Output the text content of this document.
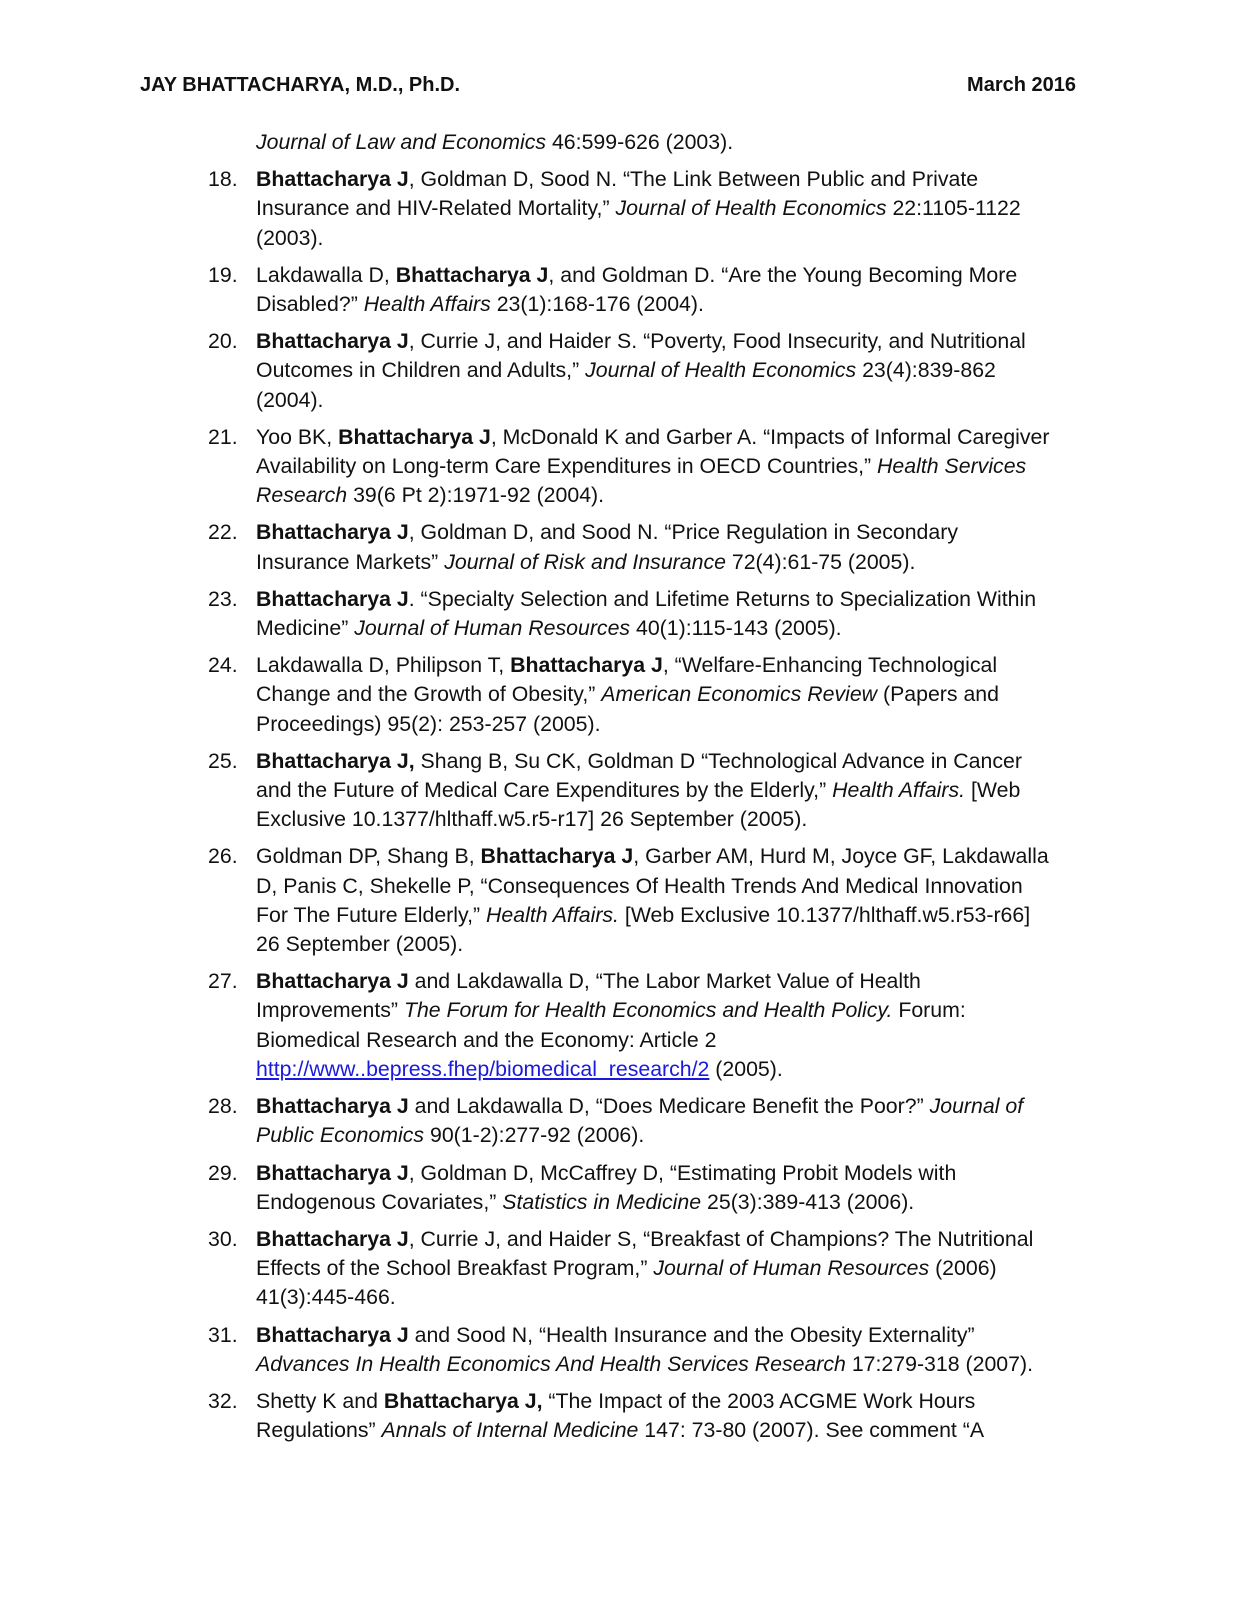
JAY BHATTACHARYA, M.D., Ph.D.	March 2016
Journal of Law and Economics 46:599-626 (2003).
18. Bhattacharya J, Goldman D, Sood N. “The Link Between Public and Private Insurance and HIV-Related Mortality,” Journal of Health Economics 22:1105-1122 (2003).
19. Lakdawalla D, Bhattacharya J, and Goldman D. “Are the Young Becoming More Disabled?” Health Affairs 23(1):168-176 (2004).
20. Bhattacharya J, Currie J, and Haider S. “Poverty, Food Insecurity, and Nutritional Outcomes in Children and Adults,” Journal of Health Economics 23(4):839-862 (2004).
21. Yoo BK, Bhattacharya J, McDonald K and Garber A. “Impacts of Informal Caregiver Availability on Long-term Care Expenditures in OECD Countries,” Health Services Research 39(6 Pt 2):1971-92 (2004).
22. Bhattacharya J, Goldman D, and Sood N. “Price Regulation in Secondary Insurance Markets” Journal of Risk and Insurance 72(4):61-75 (2005).
23. Bhattacharya J. “Specialty Selection and Lifetime Returns to Specialization Within Medicine” Journal of Human Resources 40(1):115-143 (2005).
24. Lakdawalla D, Philipson T, Bhattacharya J, “Welfare-Enhancing Technological Change and the Growth of Obesity,” American Economics Review (Papers and Proceedings) 95(2): 253-257 (2005).
25. Bhattacharya J, Shang B, Su CK, Goldman D “Technological Advance in Cancer and the Future of Medical Care Expenditures by the Elderly,” Health Affairs. [Web Exclusive 10.1377/hlthaff.w5.r5-r17] 26 September (2005).
26. Goldman DP, Shang B, Bhattacharya J, Garber AM, Hurd M, Joyce GF, Lakdawalla D, Panis C, Shekelle P, “Consequences Of Health Trends And Medical Innovation For The Future Elderly,” Health Affairs. [Web Exclusive 10.1377/hlthaff.w5.r53-r66] 26 September (2005).
27. Bhattacharya J and Lakdawalla D, “The Labor Market Value of Health Improvements” The Forum for Health Economics and Health Policy. Forum: Biomedical Research and the Economy: Article 2 http://www..bepress.fhep/biomedical_research/2 (2005).
28. Bhattacharya J and Lakdawalla D, “Does Medicare Benefit the Poor?” Journal of Public Economics 90(1-2):277-92 (2006).
29. Bhattacharya J, Goldman D, McCaffrey D, “Estimating Probit Models with Endogenous Covariates,” Statistics in Medicine 25(3):389-413 (2006).
30. Bhattacharya J, Currie J, and Haider S, “Breakfast of Champions? The Nutritional Effects of the School Breakfast Program,” Journal of Human Resources (2006) 41(3):445-466.
31. Bhattacharya J and Sood N, “Health Insurance and the Obesity Externality” Advances In Health Economics And Health Services Research 17:279-318 (2007).
32. Shetty K and Bhattacharya J, “The Impact of the 2003 ACGME Work Hours Regulations” Annals of Internal Medicine 147: 73-80 (2007). See comment “A
